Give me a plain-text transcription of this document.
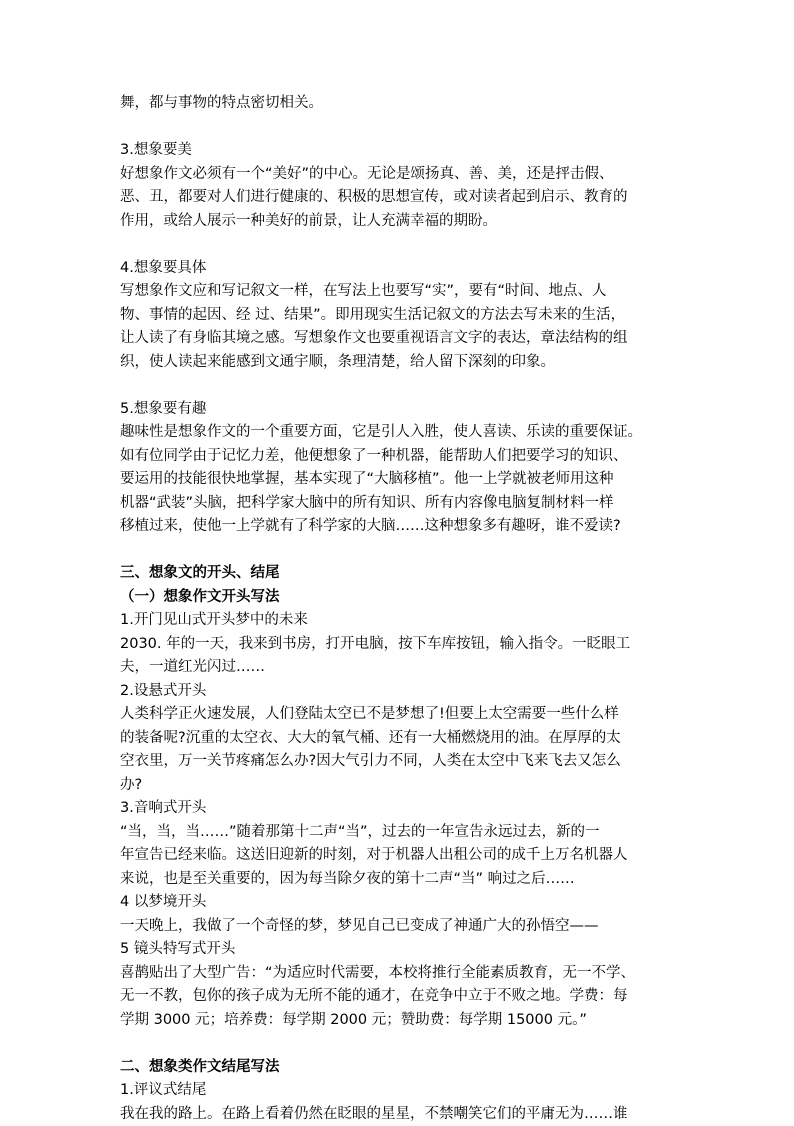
舞，都与事物的特点密切相关。
3.想象要美
好想象作文必须有一个“美好”的中心。无论是颂扬真、善、美，还是抨击假、
恶、丑，都要对人们进行健康的、积极的思想宣传，或对读者起到启示、教育的
作用，或给人展示一种美好的前景，让人充满幸福的期盼。
4.想象要具体
写想象作文应和写记叙文一样，在写法上也要写“实”，要有“时间、地点、人
物、事情的起因、经 过、结果”。即用现实生活记叙文的方法去写未来的生活，
让人读了有身临其境之感。写想象作文也要重视语言文字的表达，章法结构的组
织，使人读起来能感到文通宇顺，条理清楚，给人留下深刻的印象。
5.想象要有趣
趣味性是想象作文的一个重要方面，它是引人入胜，使人喜读、乐读的重要保证。
如有位同学由于记忆力差，他便想象了一种机器，能帮助人们把要学习的知识、
要运用的技能很快地掌握，基本实现了“大脑移植”。他一上学就被老师用这种
机器“武装”头脑，把科学家大脑中的所有知识、所有内容像电脑复制材料一样
移植过来，使他一上学就有了科学家的大脑……这种想象多有趣呀，谁不爱读?
三、想象文的开头、结尾
（一）想象作文开头写法
1.开门见山式开头梦中的未来
2030. 年的一天，我来到书房，打开电脑，按下车库按钮，输入指令。一眨眼工
夫，一道红光闪过……
2.设悬式开头
人类科学正火速发展，人们登陆太空已不是梦想了!但要上太空需要一些什么样
的装备呢?沉重的太空衣、大大的氧气桶、还有一大桶燃烧用的油。在厚厚的太
空衣里，万一关节疼痛怎么办?因大气引力不同，人类在太空中飞来飞去又怎么
办?
3.音响式开头
“当，当，当……”随着那第十二声“当”，过去的一年宣告永远过去，新的一
年宣告已经来临。这送旧迎新的时刻，对于机器人出租公司的成千上万名机器人
来说，也是至关重要的，因为每当除夕夜的第十二声“当” 响过之后……
4 以梦境开头
一天晚上，我做了一个奇怪的梦，梦见自己已变成了神通广大的孙悟空——
5 镜头特写式开头
喜鹊贴出了大型广告：“为适应时代需要，本校将推行全能素质教育，无一不学、
无一不教，包你的孩子成为无所不能的通才，在竞争中立于不败之地。学费：每
学期 3000 元；培养费：每学期 2000 元；赞助费：每学期 15000 元。”
二、想象类作文结尾写法
1.评议式结尾
我在我的路上。在路上看着仍然在眨眼的星星，不禁嘲笑它们的平庸无为……谁
